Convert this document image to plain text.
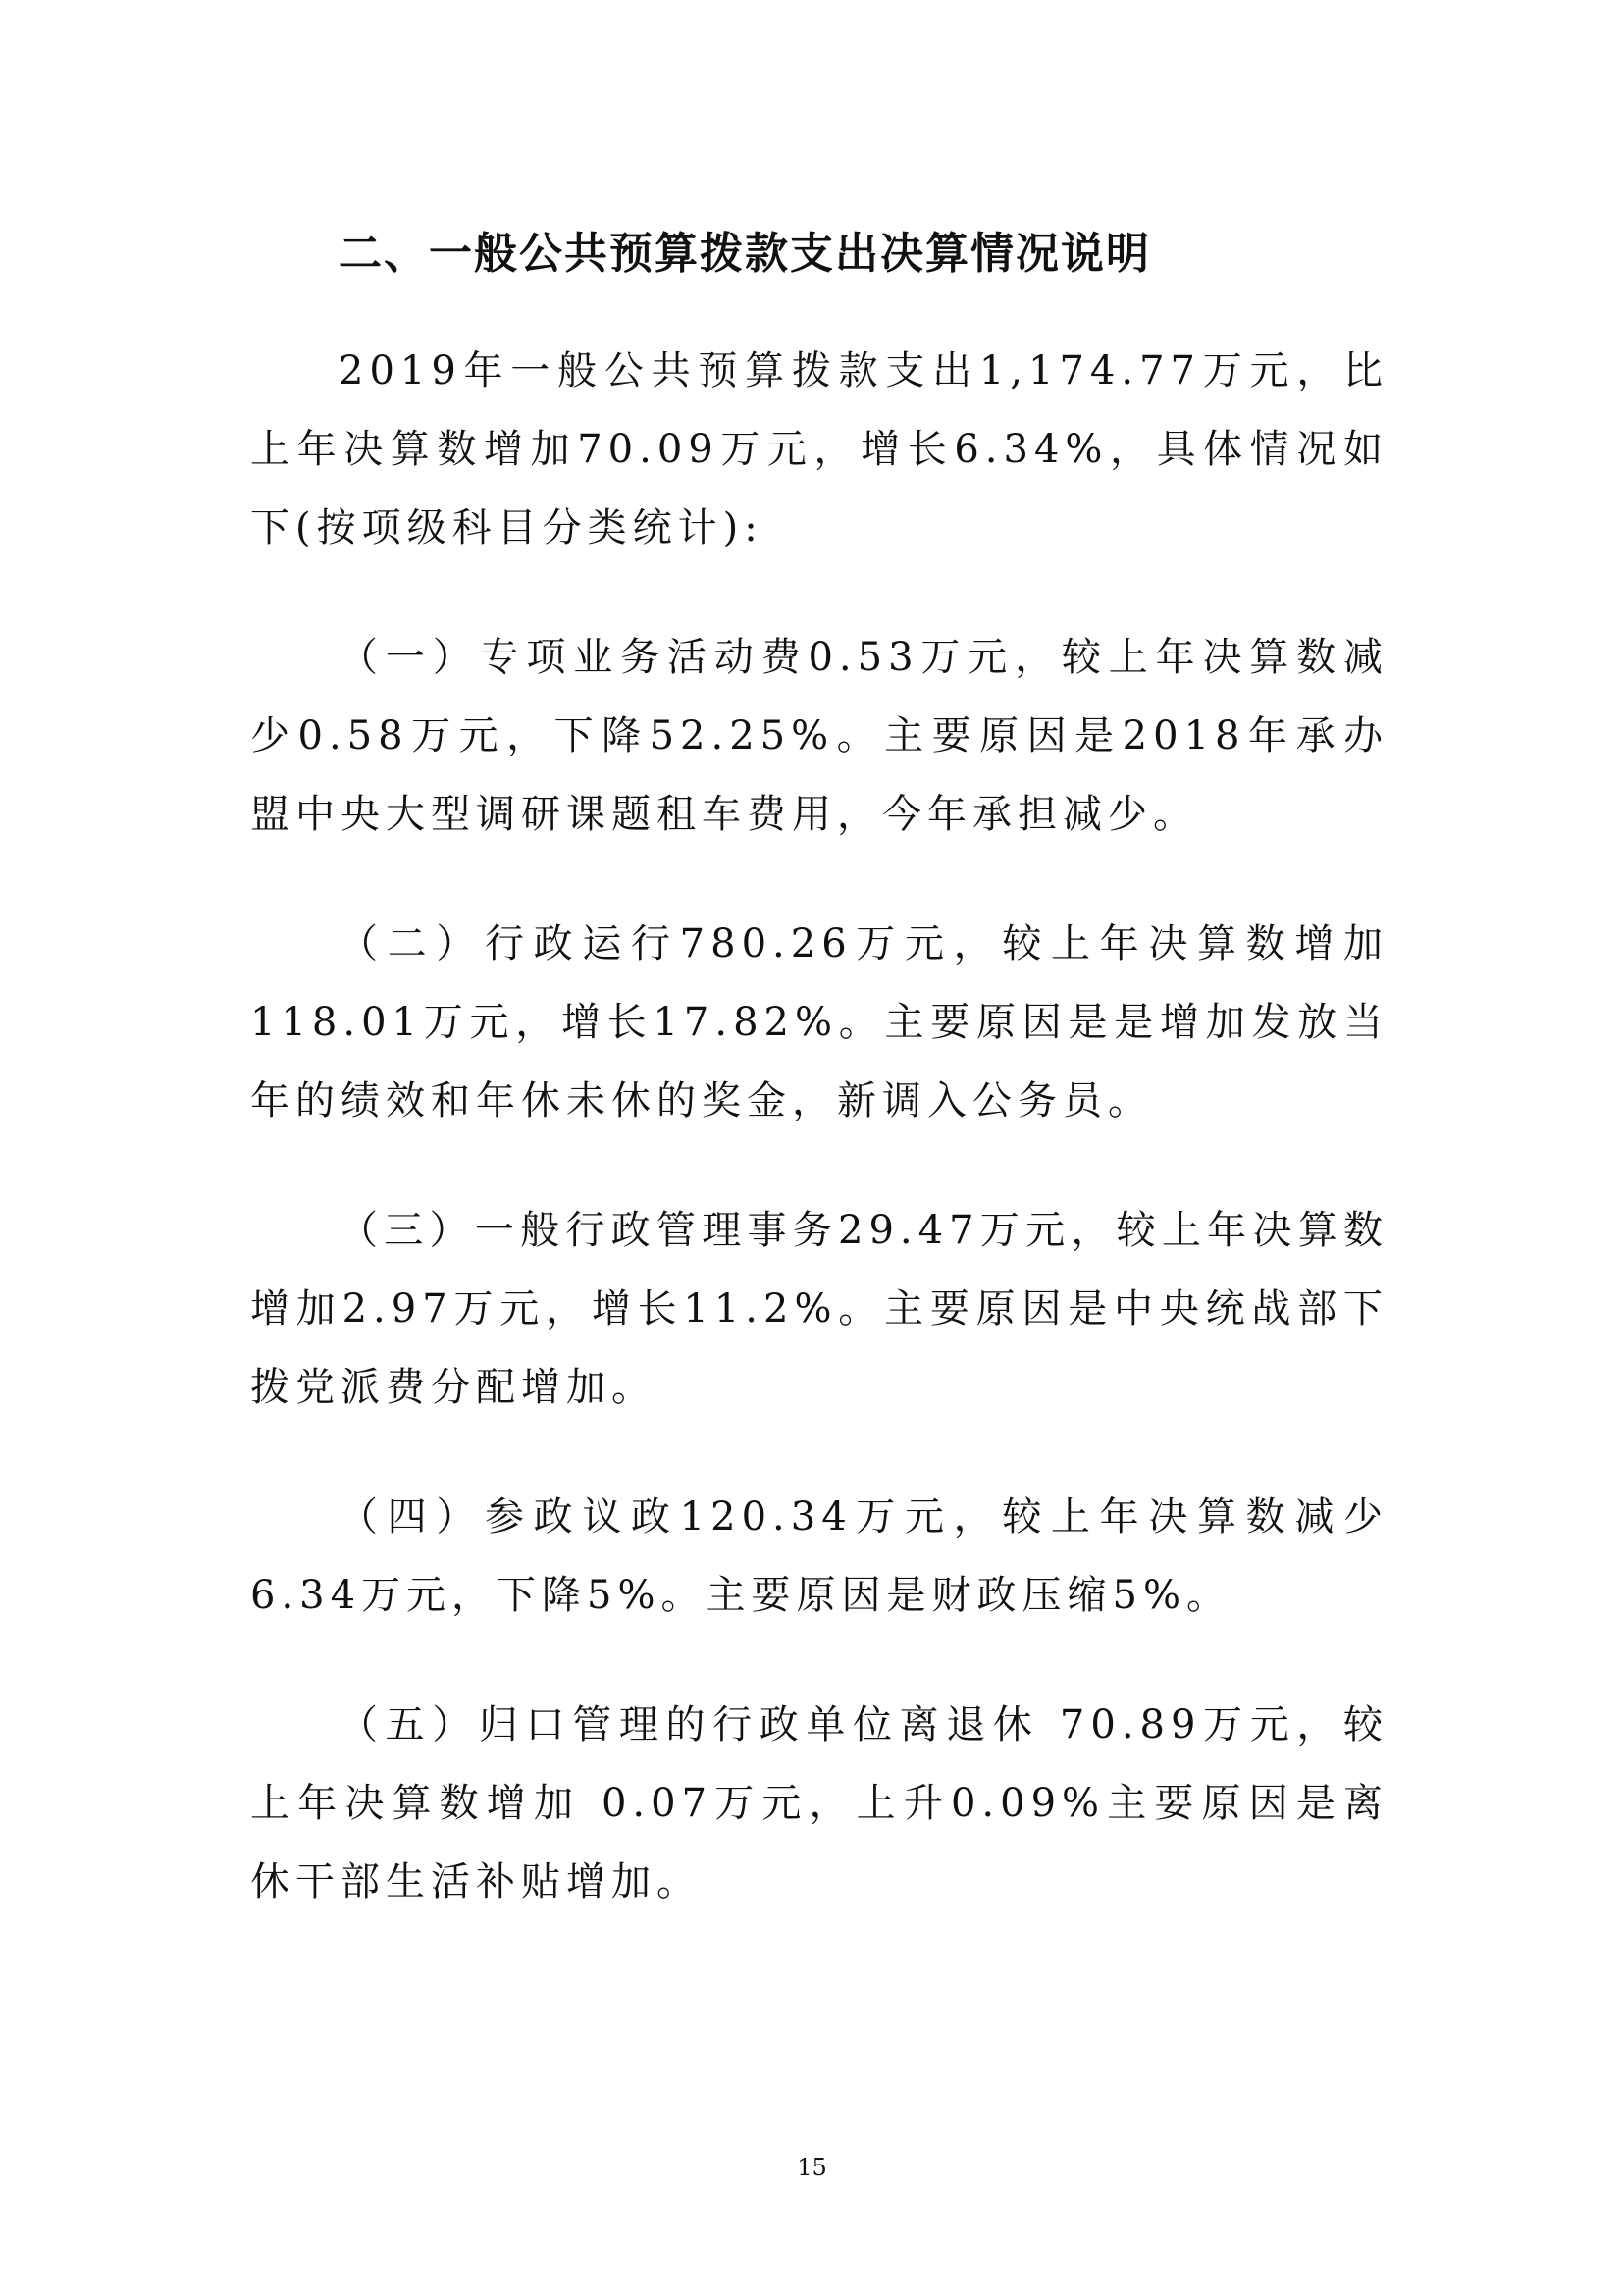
二、一般公共预算拨款支出决算情况说明

2019年一般公共预算拨款支出1,174.77万元，比上年决算数增加70.09万元，增长6.34%，具体情况如下(按项级科目分类统计):

（一）专项业务活动费0.53万元，较上年决算数减少0.58万元，下降52.25%。主要原因是2018年承办盟中央大型调研课题租车费用，今年承担减少。

（二）行政运行780.26万元，较上年决算数增加118.01万元，增长17.82%。主要原因是是增加发放当年的绩效和年休未休的奖金，新调入公务员。

（三）一般行政管理事务29.47万元，较上年决算数增加2.97万元，增长11.2%。主要原因是中央统战部下拨党派费分配增加。

（四）参政议政120.34万元，较上年决算数减少6.34万元，下降5%。主要原因是财政压缩5%。

（五）归口管理的行政单位离退休 70.89万元，较上年决算数增加 0.07万元，上升0.09%主要原因是离休干部生活补贴增加。

15
